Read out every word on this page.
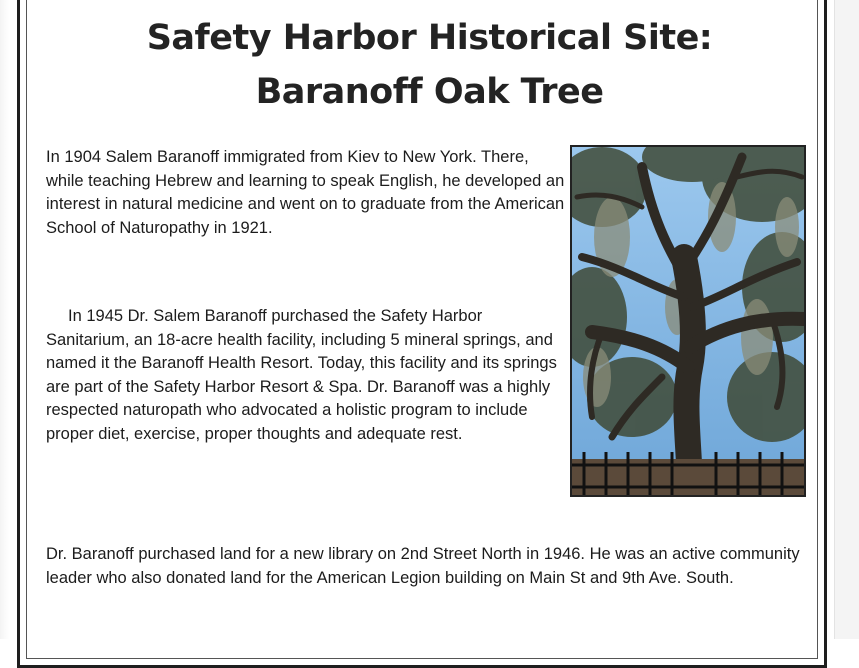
Safety Harbor Historical Site:
Baranoff Oak Tree

In 1904 Salem Baranoff immigrated from Kiev to New York. There, while teaching Hebrew and learning to speak English, he developed an interest in natural medicine and went on to graduate from the American School of Naturopathy in 1921.

In 1945 Dr. Salem Baranoff purchased the Safety Harbor Sanitarium, an 18-acre health facility, including 5 mineral springs, and named it the Baranoff Health Resort. Today, this facility and its springs are part of the Safety Harbor Resort & Spa. Dr. Baranoff was a highly respected naturopath who advocated a holistic program to include proper diet, exercise, proper thoughts and adequate rest.

Dr. Baranoff purchased land for a new library on 2nd Street North in 1946. He was an active community leader who also donated land for the American Legion building on Main St and 9th Ave. South.
